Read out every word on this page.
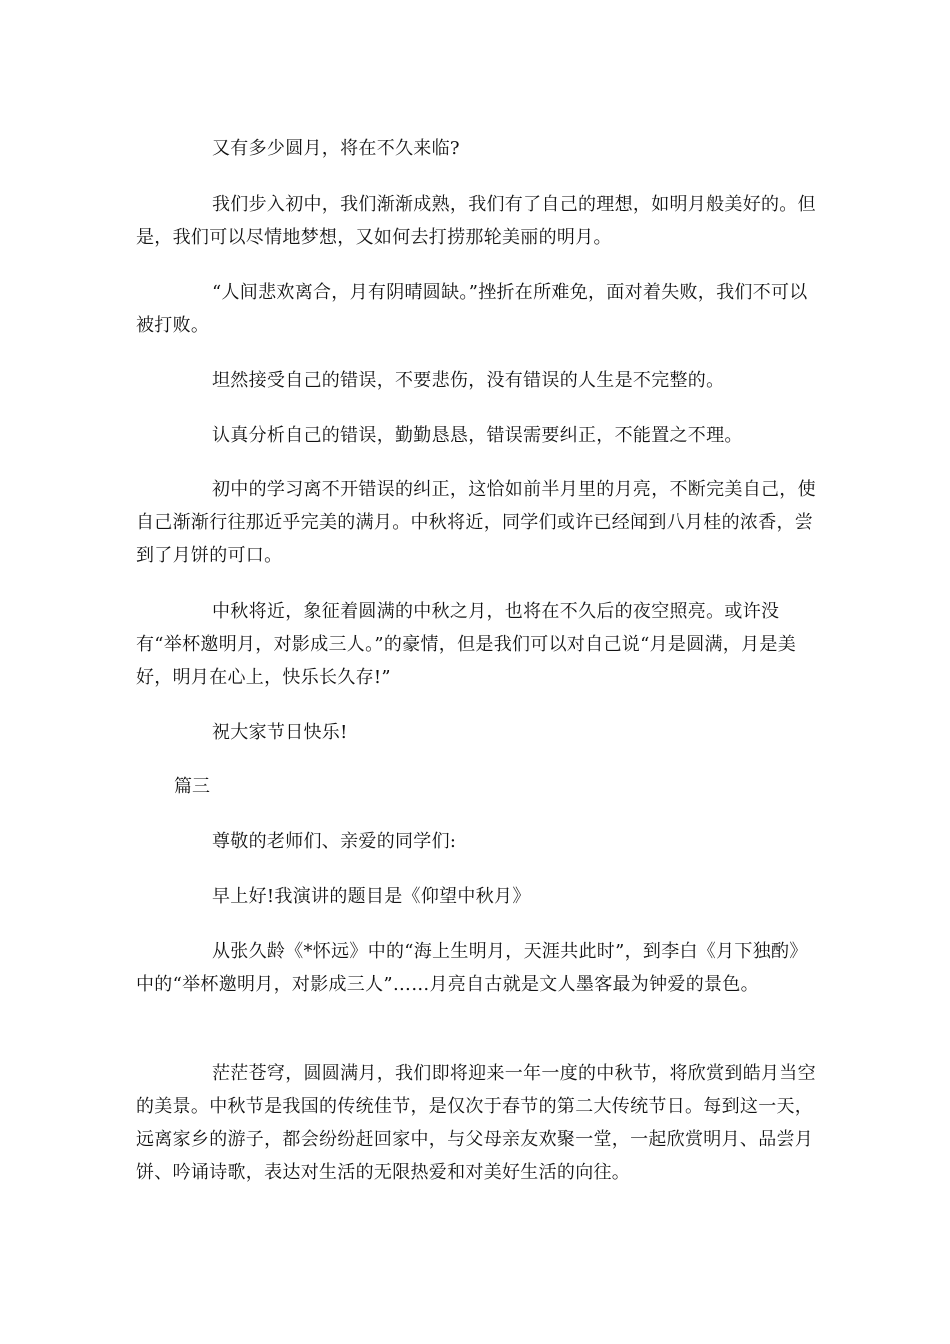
又有多少圆月，将在不久来临?

我们步入初中，我们渐渐成熟，我们有了自己的理想，如明月般美好的。但是，我们可以尽情地梦想，又如何去打捞那轮美丽的明月。

“人间悲欢离合，月有阴晴圆缺。”挫折在所难免，面对着失败，我们不可以被打败。

坦然接受自己的错误，不要悲伤，没有错误的人生是不完整的。

认真分析自己的错误，勤勤恳恳，错误需要纠正，不能置之不理。

初中的学习离不开错误的纠正，这恰如前半月里的月亮，不断完美自己，使自己渐渐行往那近乎完美的满月。中秋将近，同学们或许已经闻到八月桂的浓香，尝到了月饼的可口。

中秋将近，象征着圆满的中秋之月，也将在不久后的夜空照亮。或许没有“举杯邀明月，对影成三人。”的豪情，但是我们可以对自己说“月是圆满，月是美好，明月在心上，快乐长久存!”

祝大家节日快乐!

篇三

尊敬的老师们、亲爱的同学们:

早上好!我演讲的题目是《仰望中秋月》

从张久龄《*怀远》中的“海上生明月，天涯共此时”，到李白《月下独酌》中的“举杯邀明月，对影成三人”……月亮自古就是文人墨客最为钟爱的景色。

茫茫苍穹，圆圆满月，我们即将迎来一年一度的中秋节，将欣赏到皓月当空的美景。中秋节是我国的传统佳节，是仅次于春节的第二大传统节日。每到这一天，远离家乡的游子，都会纷纷赶回家中，与父母亲友欢聚一堂，一起欣赏明月、品尝月饼、吟诵诗歌，表达对生活的无限热爱和对美好生活的向往。
